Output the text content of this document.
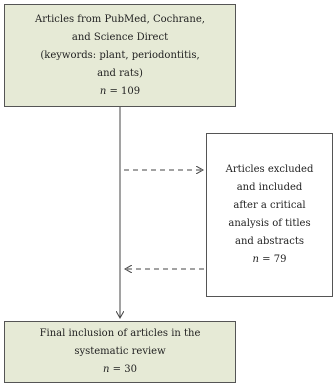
Articles from PubMed, Cochrane,
and Science Direct
(keywords: plant, periodontitis,
and rats)
n = 109
Articles excluded
and included
after a critical
analysis of titles
and abstracts
n = 79
Final inclusion of articles in the
systematic review
n = 30
